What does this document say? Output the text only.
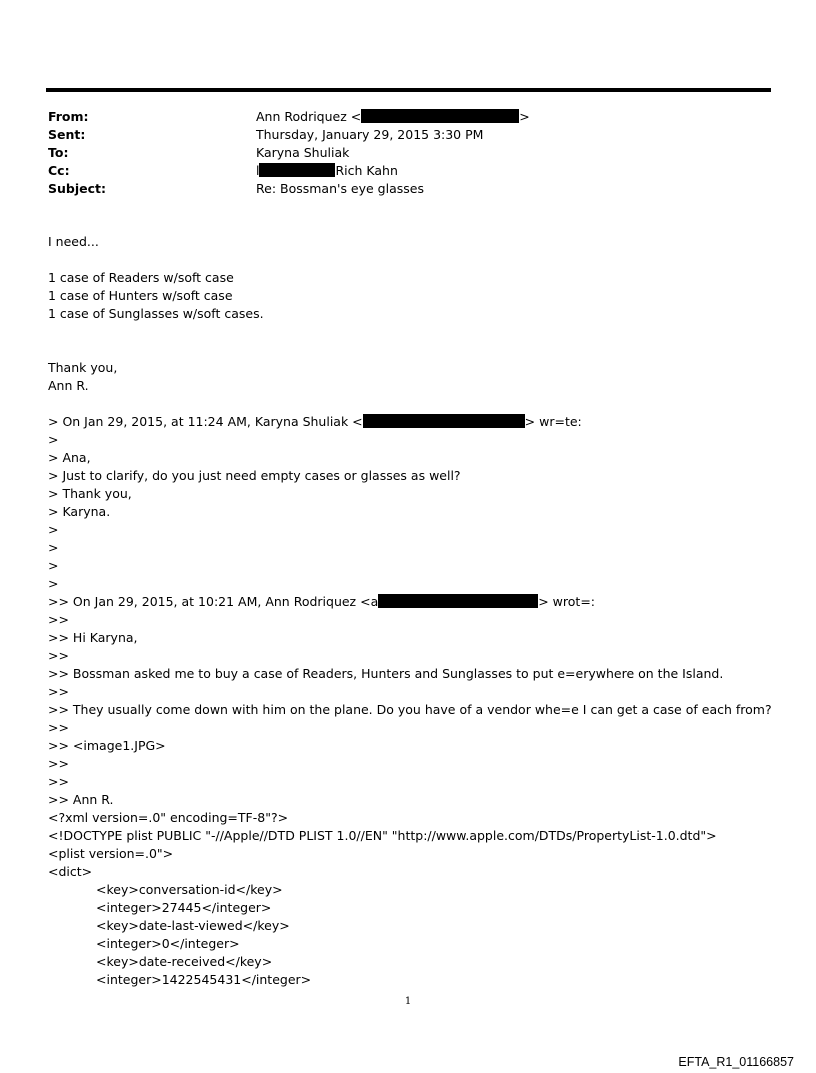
From:	Ann Rodriquez <	>
Sent:	Thursday, January 29, 2015 3:30 PM
To:	Karyna Shuliak
Cc:	l	Rich Kahn
Subject:	Re: Bossman's eye glasses
I need...
1 case of Readers w/soft case
1 case of Hunters w/soft case
1 case of Sunglasses w/soft cases.
Thank you,
Ann R.
> On Jan 29, 2015, at 11:24 AM, Karyna Shuliak <	> wr=te:
>
> Ana,
> Just to clarify, do you just need empty cases or glasses as well?
> Thank you,
> Karyna.
>
>
>
>
>> On Jan 29, 2015, at 10:21 AM, Ann Rodriquez <a	> wrot=:
>>
>> Hi Karyna,
>>
>> Bossman asked me to buy a case of Readers, Hunters and Sunglasses to put e=erywhere on the Island.
>>
>> They usually come down with him on the plane. Do you have of a vendor whe=e I can get a case of each from?
>>
>> <image1.JPG>
>>
>>
>> Ann R.
<?xml version=.0" encoding=TF-8"?>
<!DOCTYPE plist PUBLIC "-//Apple//DTD PLIST 1.0//EN" "http://www.apple.com/DTDs/PropertyList-1.0.dtd">
<plist version=.0">
<dict>
<key>conversation-id</key>
<integer>27445</integer>
<key>date-last-viewed</key>
<integer>0</integer>
<key>date-received</key>
<integer>1422545431</integer>
1
EFTA_R1_01166857
